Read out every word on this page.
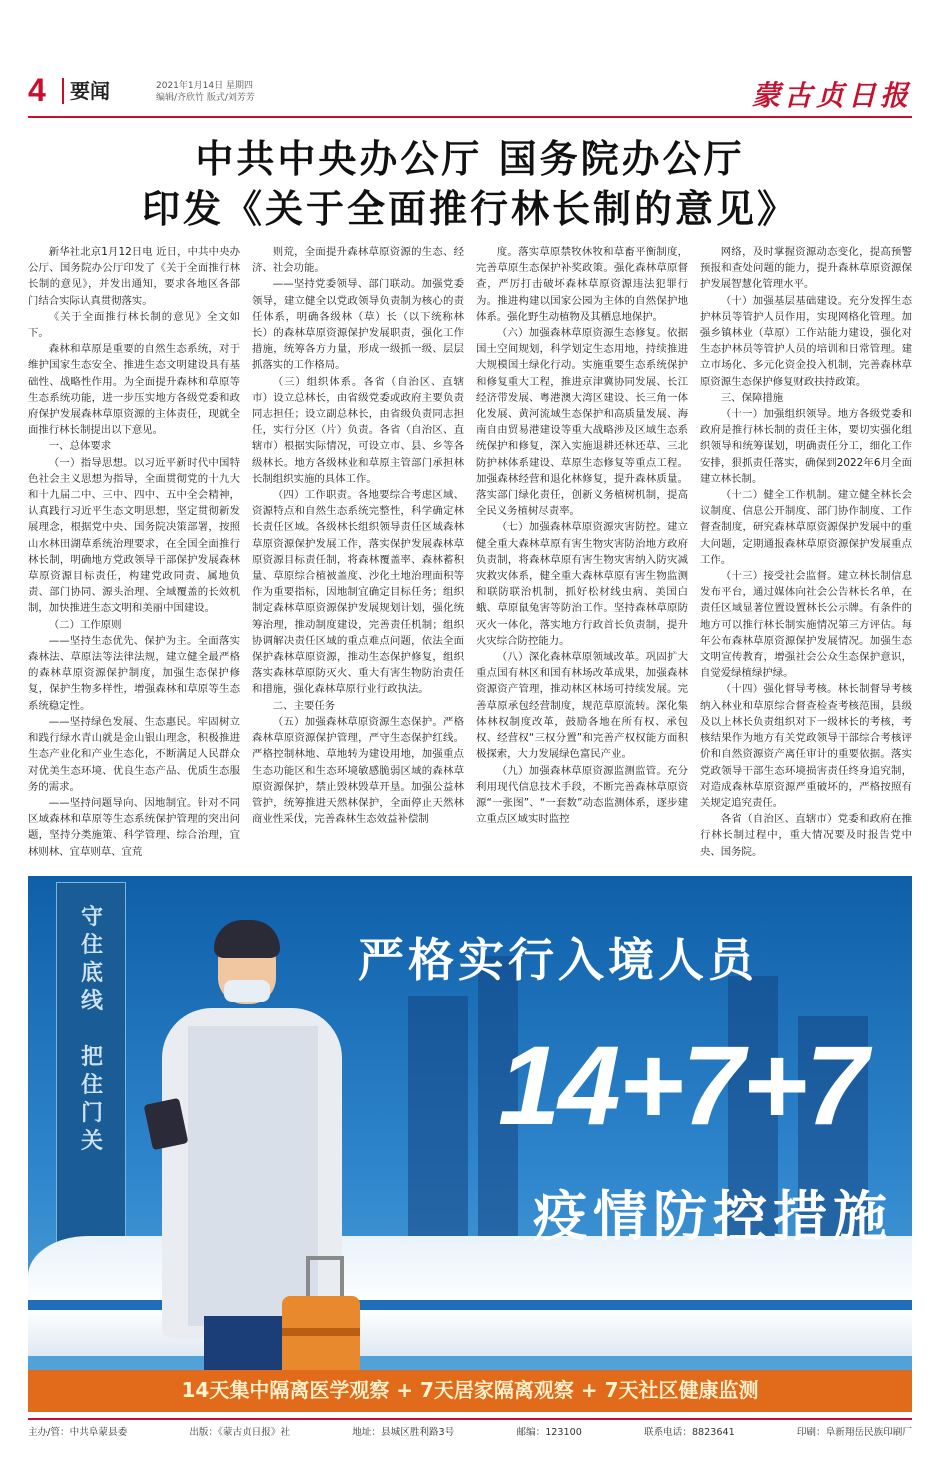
4	要闻	2021年1月14日 星期四
编辑/齐欣竹 版式/刘芳芳	蒙古贞日报
中共中央办公厅 国务院办公厅
印发《关于全面推行林长制的意见》

新华社北京1月12日电 近日，中共中央办公厅、国务院办公厅印发了《关于全面推行林长制的意见》，并发出通知，要求各地区各部门结合实际认真贯彻落实。

《关于全面推行林长制的意见》全文如下。

森林和草原是重要的自然生态系统，对于维护国家生态安全、推进生态文明建设具有基础性、战略性作用。为全面提升森林和草原等生态系统功能，进一步压实地方各级党委和政府保护发展森林草原资源的主体责任，现就全面推行林长制提出以下意见。

一、总体要求

（一）指导思想。以习近平新时代中国特色社会主义思想为指导，全面贯彻党的十九大和十九届二中、三中、四中、五中全会精神，认真践行习近平生态文明思想，坚定贯彻新发展理念，根据党中央、国务院决策部署，按照山水林田湖草系统治理要求，在全国全面推行林长制，明确地方党政领导干部保护发展森林草原资源目标责任，构建党政同责、属地负责、部门协同、源头治理、全域覆盖的长效机制，加快推进生态文明和美丽中国建设。

（二）工作原则

——坚持生态优先、保护为主。全面落实森林法、草原法等法律法规，建立健全最严格的森林草原资源保护制度，加强生态保护修复，保护生物多样性，增强森林和草原等生态系统稳定性。

——坚持绿色发展、生态惠民。牢固树立和践行绿水青山就是金山银山理念，积极推进生态产业化和产业生态化，不断满足人民群众对优美生态环境、优良生态产品、优质生态服务的需求。

——坚持问题导向、因地制宜。针对不同区域森林和草原等生态系统保护管理的突出问题，坚持分类施策、科学管理、综合治理，宜林则林、宜草则草、宜荒

则荒，全面提升森林草原资源的生态、经济、社会功能。

——坚持党委领导、部门联动。加强党委领导，建立健全以党政领导负责制为核心的责任体系，明确各级林（草）长（以下统称林长）的森林草原资源保护发展职责，强化工作措施，统筹各方力量，形成一级抓一级、层层抓落实的工作格局。

（三）组织体系。各省（自治区、直辖市）设立总林长，由省级党委或政府主要负责同志担任；设立副总林长，由省级负责同志担任，实行分区（片）负责。各省（自治区、直辖市）根据实际情况，可设立市、县、乡等各级林长。地方各级林业和草原主管部门承担林长制组织实施的具体工作。

（四）工作职责。各地要综合考虑区域、资源特点和自然生态系统完整性，科学确定林长责任区域。各级林长组织领导责任区域森林草原资源保护发展工作，落实保护发展森林草原资源目标责任制，将森林覆盖率、森林蓄积量、草原综合植被盖度、沙化土地治理面积等作为重要指标，因地制宜确定目标任务；组织制定森林草原资源保护发展规划计划，强化统筹治理，推动制度建设，完善责任机制；组织协调解决责任区域的重点难点问题，依法全面保护森林草原资源，推动生态保护修复，组织落实森林草原防灭火、重大有害生物防治责任和措施，强化森林草原行业行政执法。

二、主要任务

（五）加强森林草原资源生态保护。严格森林草原资源保护管理，严守生态保护红线。严格控制林地、草地转为建设用地，加强重点生态功能区和生态环境敏感脆弱区域的森林草原资源保护，禁止毁林毁草开垦。加强公益林管护，统筹推进天然林保护，全面停止天然林商业性采伐，完善森林生态效益补偿制

度。落实草原禁牧休牧和草畜平衡制度，完善草原生态保护补奖政策。强化森林草原督查，严厉打击破坏森林草原资源违法犯罪行为。推进构建以国家公园为主体的自然保护地体系。强化野生动植物及其栖息地保护。

（六）加强森林草原资源生态修复。依据国土空间规划，科学划定生态用地，持续推进大规模国土绿化行动。实施重要生态系统保护和修复重大工程，推进京津冀协同发展、长江经济带发展、粤港澳大湾区建设、长三角一体化发展、黄河流域生态保护和高质量发展、海南自由贸易港建设等重大战略涉及区域生态系统保护和修复，深入实施退耕还林还草、三北防护林体系建设、草原生态修复等重点工程。加强森林经营和退化林修复，提升森林质量。落实部门绿化责任，创新义务植树机制，提高全民义务植树尽责率。

（七）加强森林草原资源灾害防控。建立健全重大森林草原有害生物灾害防治地方政府负责制，将森林草原有害生物灾害纳入防灾减灾救灾体系，健全重大森林草原有害生物监测和联防联治机制，抓好松材线虫病、美国白蛾、草原鼠兔害等防治工作。坚持森林草原防灭火一体化，落实地方行政首长负责制，提升火灾综合防控能力。

（八）深化森林草原领域改革。巩固扩大重点国有林区和国有林场改革成果，加强森林资源资产管理，推动林区林场可持续发展。完善草原承包经营制度，规范草原流转。深化集体林权制度改革，鼓励各地在所有权、承包权、经营权“三权分置”和完善产权权能方面积极探索，大力发展绿色富民产业。

（九）加强森林草原资源监测监管。充分利用现代信息技术手段，不断完善森林草原资源“一张图”、“一套数”动态监测体系，逐步建立重点区域实时监控

网络，及时掌握资源动态变化，提高预警预报和查处问题的能力，提升森林草原资源保护发展智慧化管理水平。

（十）加强基层基础建设。充分发挥生态护林员等管护人员作用，实现网格化管理。加强乡镇林业（草原）工作站能力建设，强化对生态护林员等管护人员的培训和日常管理。建立市场化、多元化资金投入机制，完善森林草原资源生态保护修复财政扶持政策。

三、保障措施

（十一）加强组织领导。地方各级党委和政府是推行林长制的责任主体，要切实强化组织领导和统筹谋划，明确责任分工，细化工作安排，狠抓责任落实，确保到2022年6月全面建立林长制。

（十二）健全工作机制。建立健全林长会议制度、信息公开制度、部门协作制度、工作督查制度，研究森林草原资源保护发展中的重大问题，定期通报森林草原资源保护发展重点工作。

（十三）接受社会监督。建立林长制信息发布平台，通过媒体向社会公告林长名单，在责任区域显著位置设置林长公示牌。有条件的地方可以推行林长制实施情况第三方评估。每年公布森林草原资源保护发展情况。加强生态文明宣传教育，增强社会公众生态保护意识，自觉爱绿植绿护绿。

（十四）强化督导考核。林长制督导考核纳入林业和草原综合督查检查考核范围，县级及以上林长负责组织对下一级林长的考核，考核结果作为地方有关党政领导干部综合考核评价和自然资源资产离任审计的重要依据。落实党政领导干部生态环境损害责任终身追究制，对造成森林草原资源严重破坏的，严格按照有关规定追究责任。

各省（自治区、直辖市）党委和政府在推行林长制过程中，重大情况要及时报告党中央、国务院。

守
住
底
线

把
住
门
关
严格实行入境人员
14+7+7
疫情防控措施
14天集中隔离医学观察 + 7天居家隔离观察 + 7天社区健康监测
主办/管：中共阜蒙县委	出版：《蒙古贞日报》社	地址：县城区胜利路3号	邮编：123100	联系电话：8823641	印刷：阜新翔岳民族印刷厂
